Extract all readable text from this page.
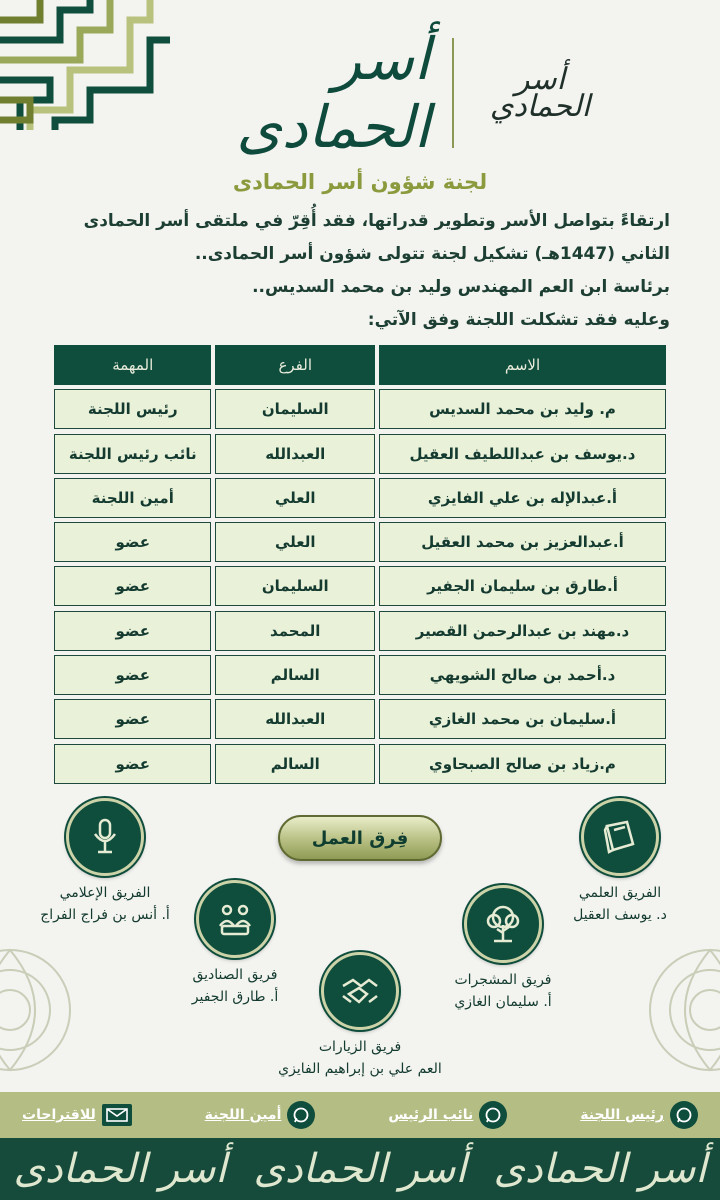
أسر الحمادى
أسر الحمادي
لجنة شؤون أسر الحمادى

ارتقاءً بتواصل الأسر وتطوير قدراتها، فقد أُقِرّ في ملتقى أسر الحمادى

الثاني (1447هـ) تشكيل لجنة تتولى شؤون أسر الحمادى..

برئاسة ابن العم المهندس وليد بن محمد السديس..

وعليه فقد تشكلت اللجنة وفق الآتي:

الاسم
الفرع
المهمة
م. وليد بن محمد السديس
السليمان
رئيس اللجنة
د.يوسف بن عبداللطيف العقيل
العبدالله
نائب رئيس اللجنة
أ.عبدالإله بن علي الفايزي
العلي
أمين اللجنة
أ.عبدالعزيز بن محمد العقيل
العلي
عضو
أ.طارق بن سليمان الجفير
السليمان
عضو
د.مهند بن عبدالرحمن القصير
المحمد
عضو
د.أحمد بن صالح الشويهي
السالم
عضو
أ.سليمان بن محمد الغازي
العبدالله
عضو
م.زياد بن صالح الصبحاوي
السالم
عضو
فِرق العمل
الفريق العلمي
د. يوسف العقيل
الفريق الإعلامي
أ. أنس بن فراج الفراج
فريق المشجرات
أ. سليمان الغازي
فريق الصناديق
أ. طارق الجفير
فريق الزيارات
العم علي بن إبراهيم الفايزي
رئيس اللجنة
نائب الرئيس
أمين اللجنة
للاقتراحات
أسر الحمادى
أسر الحمادى
أسر الحمادى
